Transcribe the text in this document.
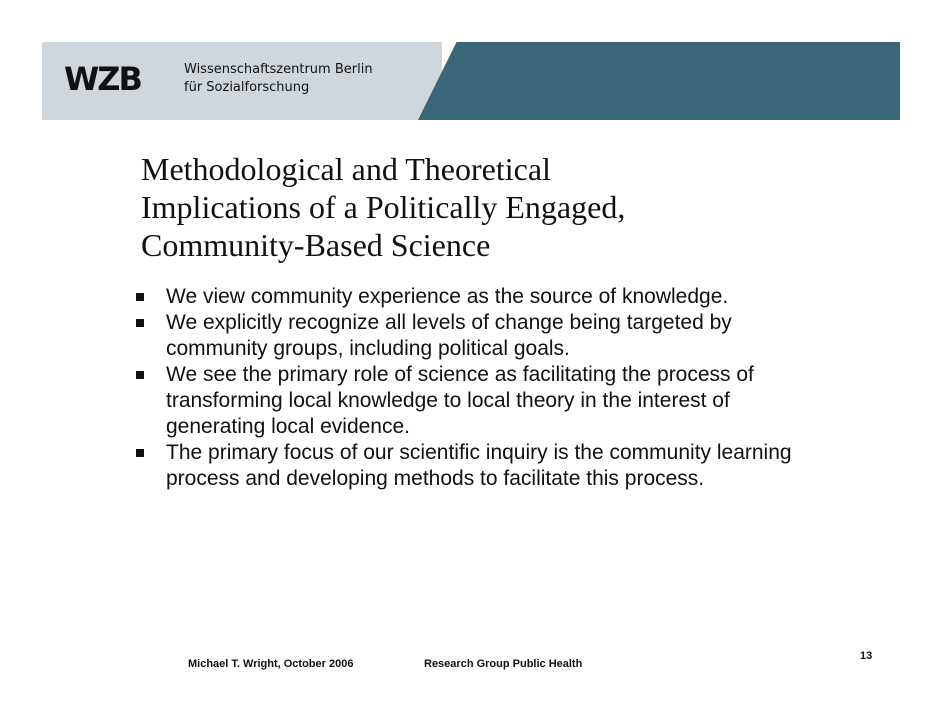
WZB	Wissenschaftszentrum Berlin
für Sozialforschung
Methodological and Theoretical
Implications of a Politically Engaged,
Community-Based Science
We view community experience as the source of knowledge.
We explicitly recognize all levels of change being targeted by community groups, including political goals.
We see the primary role of science as facilitating the process of transforming local knowledge to local theory in the interest of generating local evidence.
The primary focus of our scientific inquiry is the community learning process and developing methods to facilitate this process.
Michael T. Wright, October 2006	Research Group Public Health
13
